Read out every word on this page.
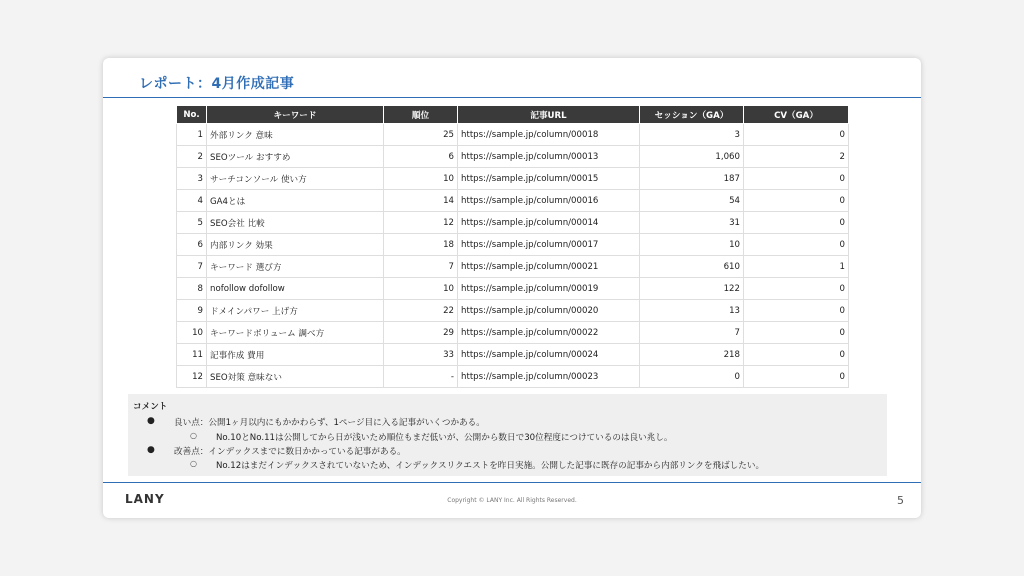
レポート：4月作成記事
No.	キーワード	順位	記事URL	セッション（GA）	CV（GA）
1	外部リンク 意味	25	https://sample.jp/column/00018	3	0
2	SEOツール おすすめ	6	https://sample.jp/column/00013	1,060	2
3	サーチコンソール 使い方	10	https://sample.jp/column/00015	187	0
4	GA4とは	14	https://sample.jp/column/00016	54	0
5	SEO会社 比較	12	https://sample.jp/column/00014	31	0
6	内部リンク 効果	18	https://sample.jp/column/00017	10	0
7	キーワード 選び方	7	https://sample.jp/column/00021	610	1
8	nofollow dofollow	10	https://sample.jp/column/00019	122	0
9	ドメインパワー 上げ方	22	https://sample.jp/column/00020	13	0
10	キーワードボリューム 調べ方	29	https://sample.jp/column/00022	7	0
11	記事作成 費用	33	https://sample.jp/column/00024	218	0
12	SEO対策 意味ない	-	https://sample.jp/column/00023	0	0
コメント
● 良い点：公開1ヶ月以内にもかかわらず、1ページ目に入る記事がいくつかある。
○ No.10とNo.11は公開してから日が浅いため順位もまだ低いが、公開から数日で30位程度につけているのは良い兆し。
● 改善点：インデックスまでに数日かかっている記事がある。
○ No.12はまだインデックスされていないため、インデックスリクエストを昨日実施。公開した記事に既存の記事から内部リンクを飛ばしたい。
LANY	Copyright © LANY Inc. All Rights Reserved.	5
